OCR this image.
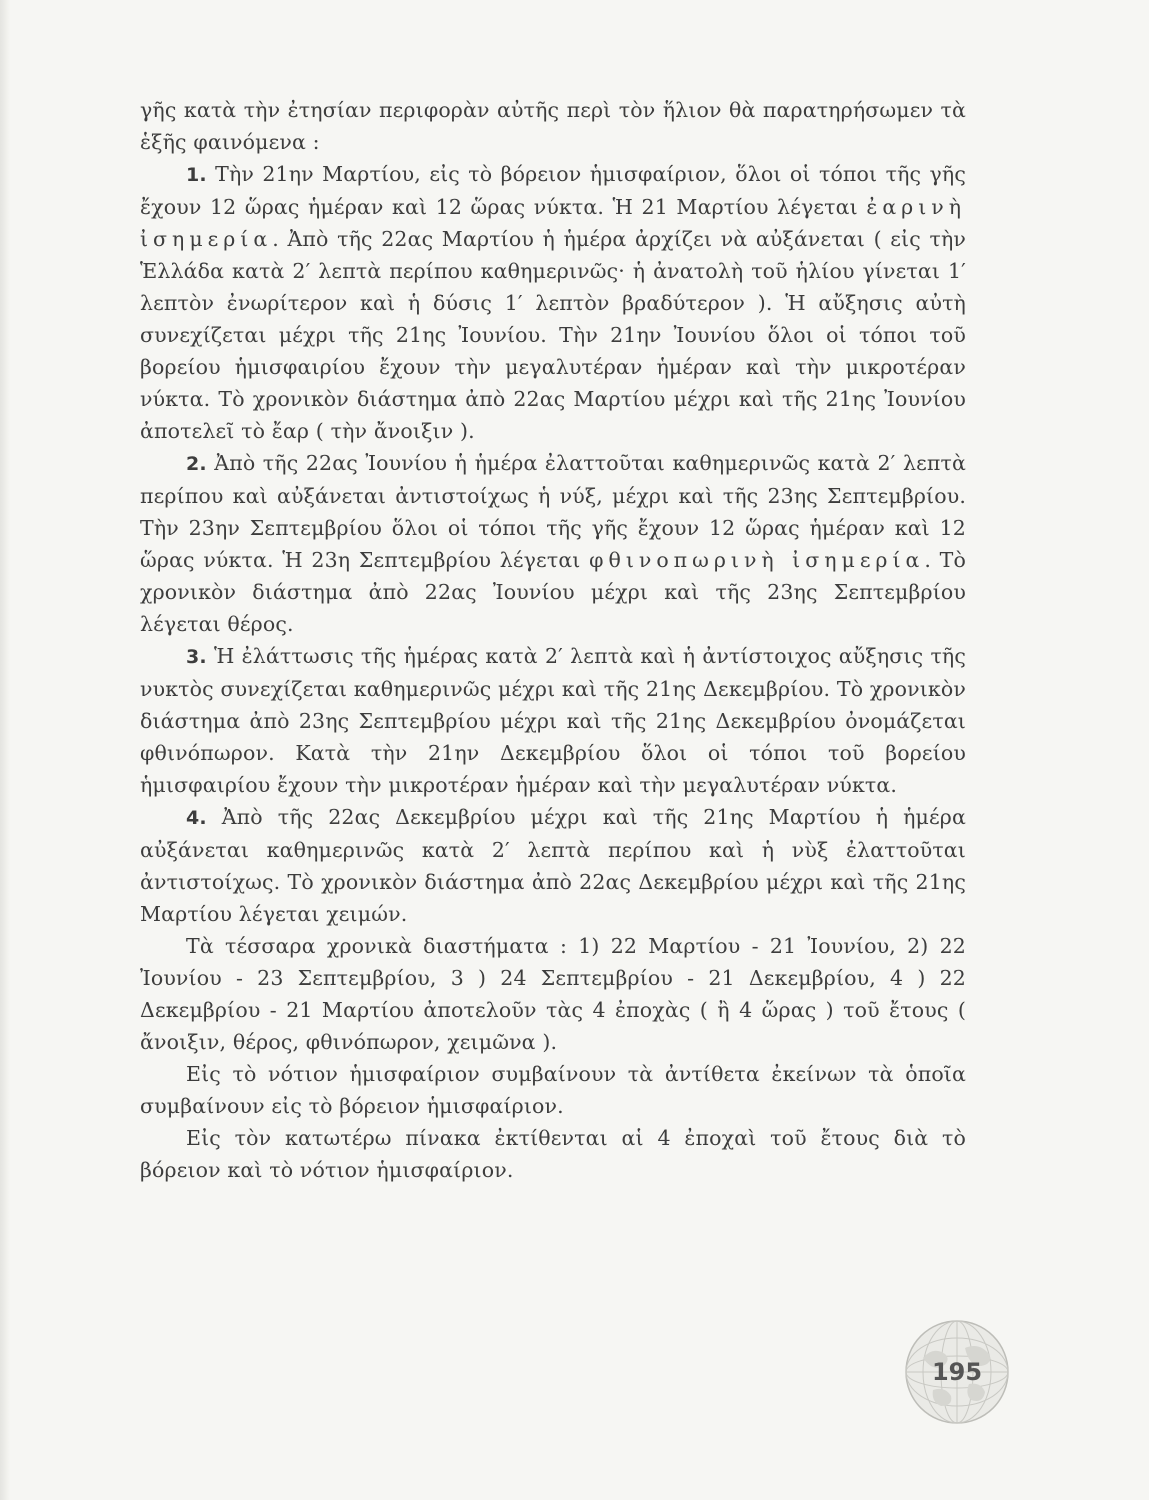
γῆς κατὰ τὴν ἐτησίαν περιφορὰν αὐτῆς περὶ τὸν ἥλιον θὰ παρατηρήσωμεν τὰ ἑξῆς φαινόμενα :

1. Τὴν 21ην Μαρτίου, εἰς τὸ βόρειον ἡμισφαίριον, ὅλοι οἱ τόποι τῆς γῆς ἔχουν 12 ὥρας ἡμέραν καὶ 12 ὥρας νύκτα. Ἡ 21 Μαρτίου λέγεται ἐαρινὴ ἰσημερία. Ἀπὸ τῆς 22ας Μαρτίου ἡ ἡμέρα ἀρχίζει νὰ αὐξάνεται ( εἰς τὴν Ἑλλάδα κατὰ 2′ λεπτὰ περίπου καθημερινῶς· ἡ ἀνατολὴ τοῦ ἡλίου γίνεται 1′ λεπτὸν ἐνωρίτερον καὶ ἡ δύσις 1′ λεπτὸν βραδύτερον ). Ἡ αὔξησις αὐτὴ συνεχίζεται μέχρι τῆς 21ης Ἰουνίου. Τὴν 21ην Ἰουνίου ὅλοι οἱ τόποι τοῦ βορείου ἡμισφαιρίου ἔχουν τὴν μεγαλυτέραν ἡμέραν καὶ τὴν μικροτέραν νύκτα. Τὸ χρονικὸν διάστημα ἀπὸ 22ας Μαρτίου μέχρι καὶ τῆς 21ης Ἰουνίου ἀποτελεῖ τὸ ἔαρ ( τὴν ἄνοιξιν ).

2. Ἀπὸ τῆς 22ας Ἰουνίου ἡ ἡμέρα ἐλαττοῦται καθημερινῶς κατὰ 2′ λεπτὰ περίπου καὶ αὐξάνεται ἀντιστοίχως ἡ νύξ, μέχρι καὶ τῆς 23ης Σεπτεμβρίου. Τὴν 23ην Σεπτεμβρίου ὅλοι οἱ τόποι τῆς γῆς ἔχουν 12 ὥρας ἡμέραν καὶ 12 ὥρας νύκτα. Ἡ 23η Σεπτεμβρίου λέγεται φθινοπωρινὴ ἰσημερία. Τὸ χρονικὸν διάστημα ἀπὸ 22ας Ἰουνίου μέχρι καὶ τῆς 23ης Σεπτεμβρίου λέγεται θέρος.

3. Ἡ ἐλάττωσις τῆς ἡμέρας κατὰ 2′ λεπτὰ καὶ ἡ ἀντίστοιχος αὔξησις τῆς νυκτὸς συνεχίζεται καθημερινῶς μέχρι καὶ τῆς 21ης Δεκεμβρίου. Τὸ χρονικὸν διάστημα ἀπὸ 23ης Σεπτεμβρίου μέχρι καὶ τῆς 21ης Δεκεμβρίου ὀνομάζεται φθινόπωρον. Κατὰ τὴν 21ην Δεκεμβρίου ὅλοι οἱ τόποι τοῦ βορείου ἡμισφαιρίου ἔχουν τὴν μικροτέραν ἡμέραν καὶ τὴν μεγαλυτέραν νύκτα.

4. Ἀπὸ τῆς 22ας Δεκεμβρίου μέχρι καὶ τῆς 21ης Μαρτίου ἡ ἡμέρα αὐξάνεται καθημερινῶς κατὰ 2′ λεπτὰ περίπου καὶ ἡ νὺξ ἐλαττοῦται ἀντιστοίχως. Τὸ χρονικὸν διάστημα ἀπὸ 22ας Δεκεμβρίου μέχρι καὶ τῆς 21ης Μαρτίου λέγεται χειμών.

Τὰ τέσσαρα χρονικὰ διαστήματα : 1) 22 Μαρτίου - 21 Ἰουνίου, 2) 22 Ἰουνίου - 23 Σεπτεμβρίου, 3 ) 24 Σεπτεμβρίου - 21 Δεκεμβρίου, 4 ) 22 Δεκεμβρίου - 21 Μαρτίου ἀποτελοῦν τὰς 4 ἐποχὰς ( ἢ 4 ὥρας ) τοῦ ἔτους ( ἄνοιξιν, θέρος, φθινόπωρον, χειμῶνα ).

Εἰς τὸ νότιον ἡμισφαίριον συμβαίνουν τὰ ἀντίθετα ἐκείνων τὰ ὁποῖα συμβαίνουν εἰς τὸ βόρειον ἡμισφαίριον.

Εἰς τὸν κατωτέρω πίνακα ἐκτίθενται αἱ 4 ἐποχαὶ τοῦ ἔτους διὰ τὸ βόρειον καὶ τὸ νότιον ἡμισφαίριον.

195
